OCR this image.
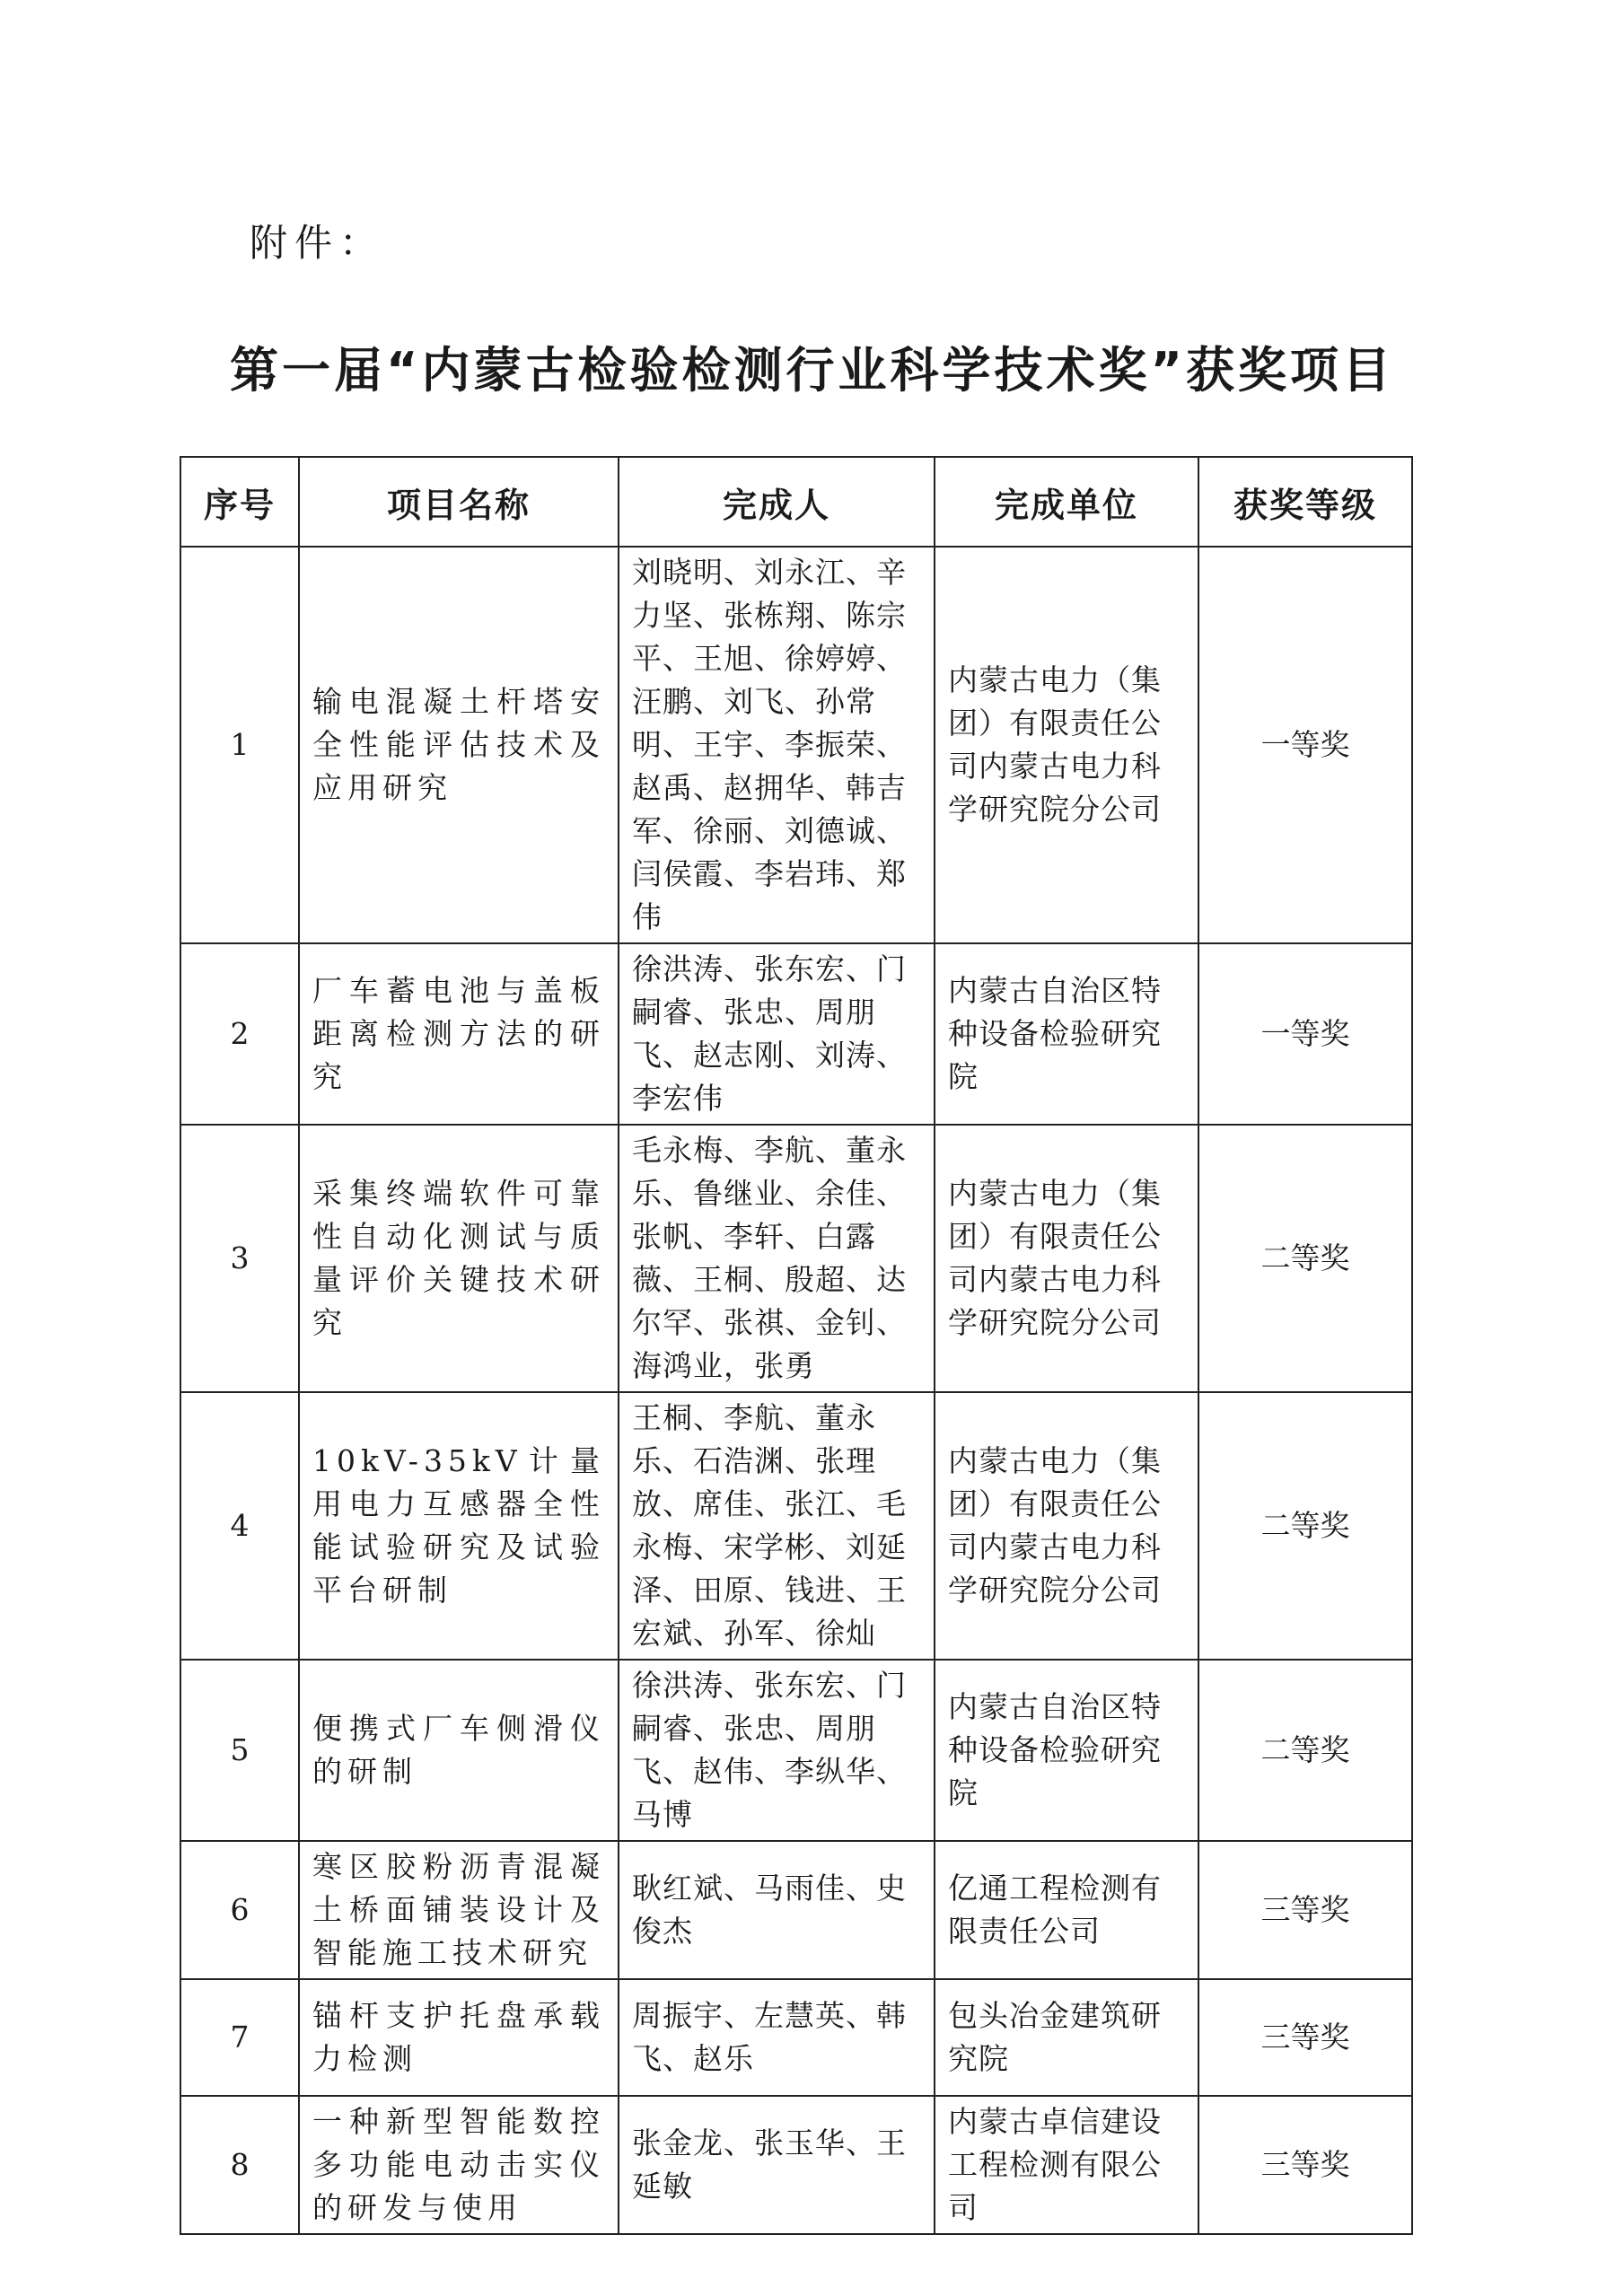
附件：

第一届“内蒙古检验检测行业科学技术奖”获奖项目
序号	项目名称	完成人	完成单位	获奖等级
1	输电混凝土杆塔安全性能评估技术及应用研究	刘晓明、刘永江、辛力坚、张栋翔、陈宗平、王旭、徐婷婷、汪鹏、刘飞、孙常明、王宇、李振荣、赵禹、赵拥华、韩吉军、徐丽、刘德诚、闫侯霞、李岩玮、郑伟	内蒙古电力（集团）有限责任公司内蒙古电力科学研究院分公司	一等奖
2	厂车蓄电池与盖板距离检测方法的研究	徐洪涛、张东宏、门嗣睿、张忠、周朋飞、赵志刚、刘涛、李宏伟	内蒙古自治区特种设备检验研究院	一等奖
3	采集终端软件可靠性自动化测试与质量评价关键技术研究	毛永梅、李航、董永乐、鲁继业、余佳、张帆、李轩、白露薇、王桐、殷超、达尔罕、张祺、金钊、海鸿业，张勇	内蒙古电力（集团）有限责任公司内蒙古电力科学研究院分公司	二等奖
4	10kV-35kV计量用电力互感器全性能试验研究及试验平台研制	王桐、李航、董永乐、石浩渊、张理放、席佳、张江、毛永梅、宋学彬、刘延泽、田原、钱进、王宏斌、孙军、徐灿	内蒙古电力（集团）有限责任公司内蒙古电力科学研究院分公司	二等奖
5	便携式厂车侧滑仪的研制	徐洪涛、张东宏、门嗣睿、张忠、周朋飞、赵伟、李纵华、马博	内蒙古自治区特种设备检验研究院	二等奖
6	寒区胶粉沥青混凝土桥面铺装设计及智能施工技术研究	耿红斌、马雨佳、史俊杰	亿通工程检测有限责任公司	三等奖
7	锚杆支护托盘承载力检测	周振宇、左慧英、韩飞、赵乐	包头冶金建筑研究院	三等奖
8	一种新型智能数控多功能电动击实仪的研发与使用	张金龙、张玉华、王延敏	内蒙古卓信建设工程检测有限公司	三等奖
